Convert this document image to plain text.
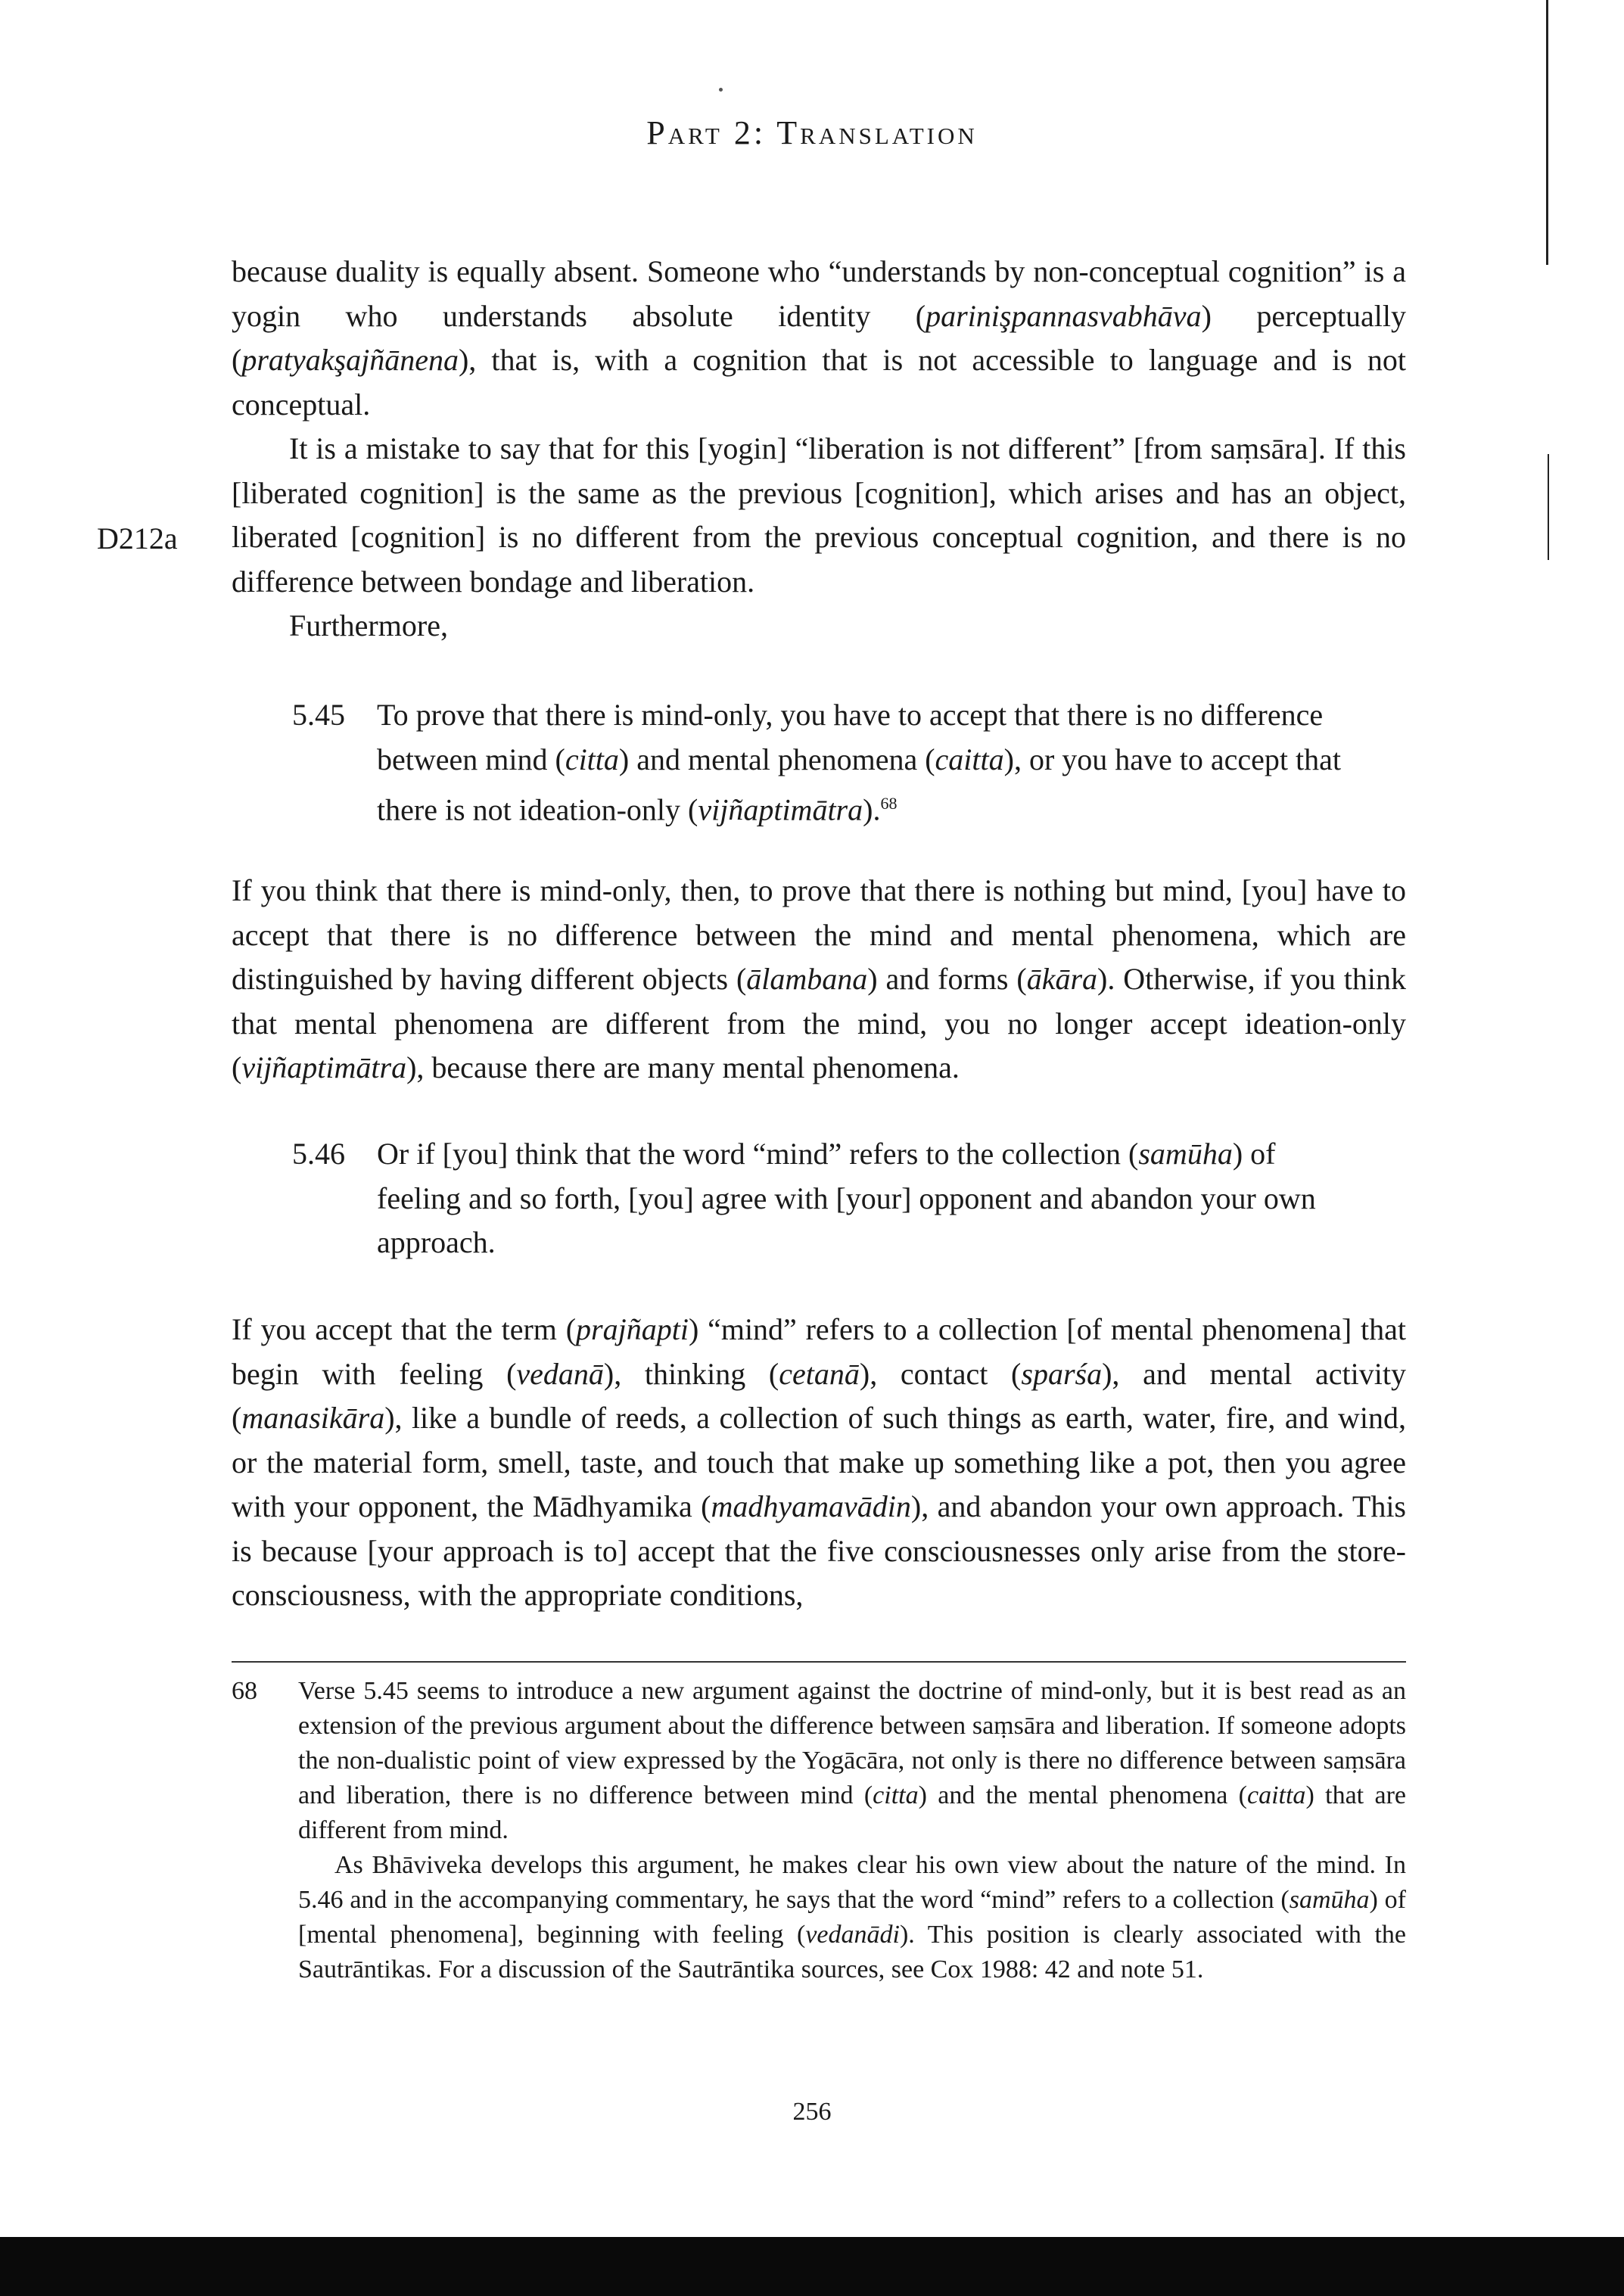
Part 2: Translation
D212a

because duality is equally absent. Someone who “understands by non-conceptual cognition” is a yogin who understands absolute identity (parinişpannasvabhāva) perceptually (pratyakşajñānena), that is, with a cognition that is not accessible to language and is not conceptual.

It is a mistake to say that for this [yogin] “liberation is not different” [from saṃsāra]. If this [liberated cognition] is the same as the previous [cognition], which arises and has an object, liberated [cognition] is no different from the previous conceptual cognition, and there is no difference between bondage and liberation.

Furthermore,

5.45 To prove that there is mind-only, you have to accept that there is no difference between mind (citta) and mental phenomena (caitta), or you have to accept that there is not ideation-only (vijñaptimātra).$^{68}$

If you think that there is mind-only, then, to prove that there is nothing but mind, [you] have to accept that there is no difference between the mind and mental phenomena, which are distinguished by having different objects (ālambana) and forms (ākāra). Otherwise, if you think that mental phenomena are different from the mind, you no longer accept ideation-only (vijñaptimātra), because there are many mental phenomena.

5.46 Or if [you] think that the word “mind” refers to the collection (samūha) of feeling and so forth, [you] agree with [your] opponent and abandon your own approach.

If you accept that the term (prajñapti) “mind” refers to a collection [of mental phenomena] that begin with feeling (vedanā), thinking (cetanā), contact (sparśa), and mental activity (manasikāra), like a bundle of reeds, a collection of such things as earth, water, fire, and wind, or the material form, smell, taste, and touch that make up something like a pot, then you agree with your opponent, the Mādhyamika (madhyamavādin), and abandon your own approach. This is because [your approach is to] accept that the five consciousnesses only arise from the store-consciousness, with the appropriate conditions,

68 Verse 5.45 seems to introduce a new argument against the doctrine of mind-only, but it is best read as an extension of the previous argument about the difference between saṃsāra and liberation. If someone adopts the non-dualistic point of view expressed by the Yogācāra, not only is there no difference between saṃsāra and liberation, there is no difference between mind (citta) and the mental phenomena (caitta) that are different from mind.

As Bhāviveka develops this argument, he makes clear his own view about the nature of the mind. In 5.46 and in the accompanying commentary, he says that the word “mind” refers to a collection (samūha) of [mental phenomena], beginning with feeling (vedanādi). This position is clearly associated with the Sautrāntikas. For a discussion of the Sautrāntika sources, see Cox 1988: 42 and note 51.

256
